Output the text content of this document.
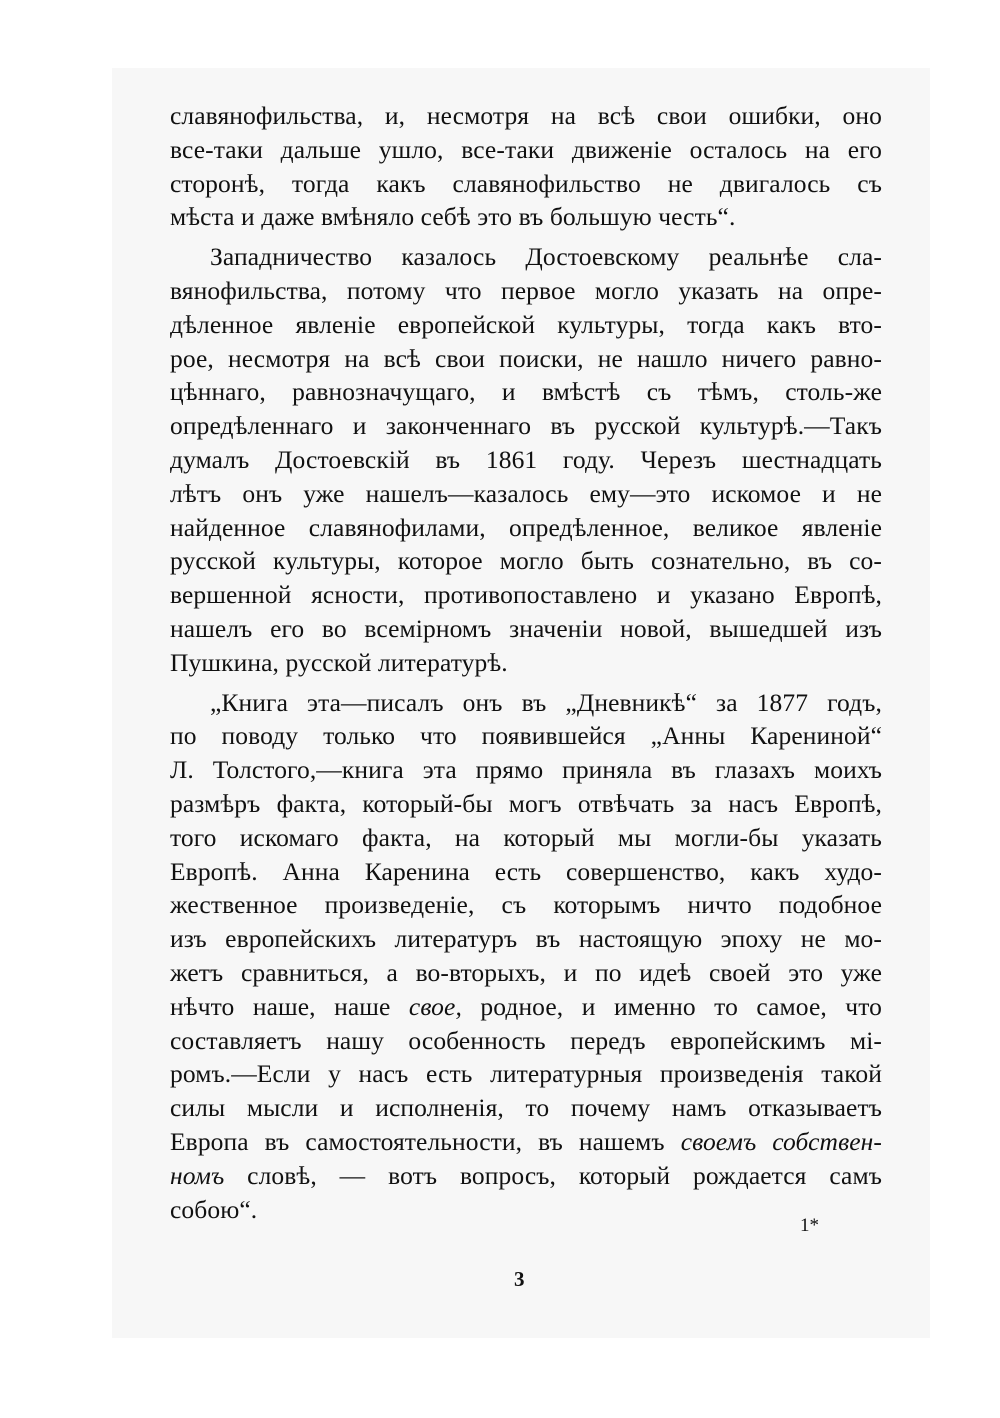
славянофильства, и, несмотря на всѣ свои ошибки, оно
все-таки дальше ушло, все-таки движенiе осталось на его
сторонѣ, тогда какъ славянофильство не двигалось съ
мѣста и даже вмѣняло себѣ это въ большую честь“.
Западничество казалось Достоевскому реальнѣе сла-
вянофильства, потому что первое могло указать на опре-
дѣленное явленiе европейской культуры, тогда какъ вто-
рое, несмотря на всѣ свои поиски, не нашло ничего равно-
цѣннаго, равнозначущаго, и вмѣстѣ съ тѣмъ, столь-же
опредѣленнаго и законченнаго въ русской культурѣ.—Такъ
думалъ Достоевскiй въ 1861 году. Черезъ шестнадцать
лѣтъ онъ уже нашелъ—казалось ему—это искомое и не
найденное славянофилами, опредѣленное, великое явленiе
русской культуры, которое могло быть сознательно, въ со-
вершенной ясности, противопоставлено и указано Европѣ,
нашелъ его во всемiрномъ значенiи новой, вышедшей изъ
Пушкина, русской литературѣ.
„Книга эта—писалъ онъ въ „Дневникѣ“ за 1877 годъ,
по поводу только что появившейся „Анны Карениной“
Л. Толстого,—книга эта прямо приняла въ глазахъ моихъ
размѣръ факта, который-бы могъ отвѣчать за насъ Европѣ,
того искомаго факта, на который мы могли-бы указать
Европѣ. Анна Каренина есть совершенство, какъ худо-
жественное произведенiе, съ которымъ ничто подобное
изъ европейскихъ литературъ въ настоящую эпоху не мо-
жетъ сравниться, а во-вторыхъ, и по идеѣ своей это уже
нѣчто наше, наше свое, родное, и именно то самое, что
составляетъ нашу особенность передъ европейскимъ мi-
ромъ.—Если у насъ есть литературныя произведенiя такой
силы мысли и исполненiя, то почему намъ отказываетъ
Европа въ самостоятельности, въ нашемъ своемъ собствен-
номъ словѣ, — вотъ вопросъ, который рождается самъ
собою“.
1*
3
